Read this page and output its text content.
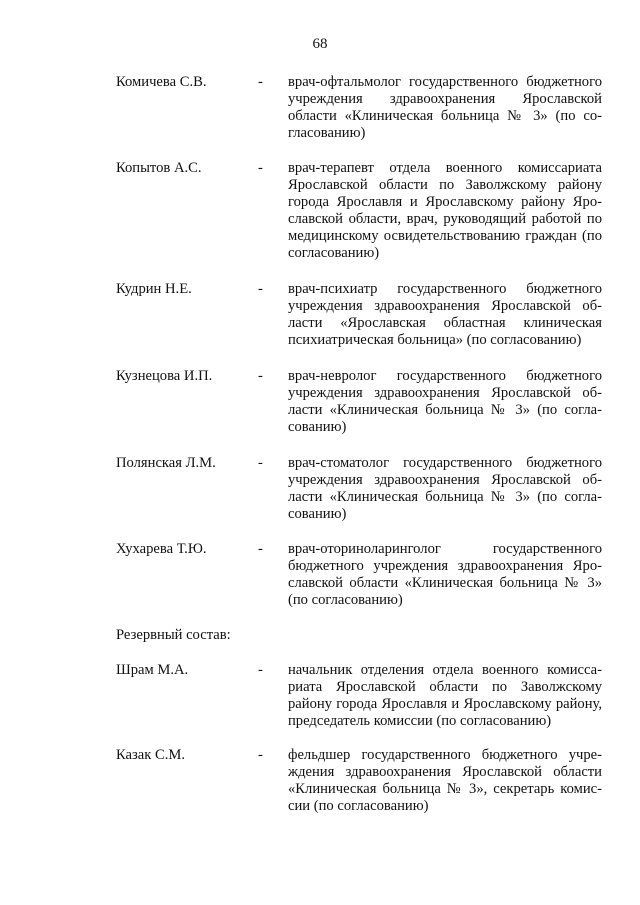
68
Комичева С.В.	- врач-офтальмолог государственного бюджетного учреждения здравоохранения Ярославской области «Клиническая больница № 3» (по согласованию)
Копытов А.С.	- врач-терапевт отдела военного комиссариата Ярославской области по Заволжскому району города Ярославля и Ярославскому району Ярославской области, врач, руководящий работой по медицинскому освидетельствованию граждан (по согласованию)
Кудрин Н.Е.	- врач-психиатр государственного бюджетного учреждения здравоохранения Ярославской области «Ярославская областная клиническая психиатрическая больница» (по согласованию)
Кузнецова И.П.	- врач-невролог государственного бюджетного учреждения здравоохранения Ярославской области «Клиническая больница № 3» (по согласованию)
Полянская Л.М.	- врач-стоматолог государственного бюджетного учреждения здравоохранения Ярославской области «Клиническая больница № 3» (по согласованию)
Хухарева Т.Ю.	- врач-оториноларинголог государственного бюджетного учреждения здравоохранения Ярославской области «Клиническая больница № 3» (по согласованию)
Резервный состав:
Шрам М.А.	- начальник отделения отдела военного комиссариата Ярославской области по Заволжскому району города Ярославля и Ярославскому району, председатель комиссии (по согласованию)
Казак С.М.	- фельдшер государственного бюджетного учреждения здравоохранения Ярославской области «Клиническая больница № 3», секретарь комиссии (по согласованию)
